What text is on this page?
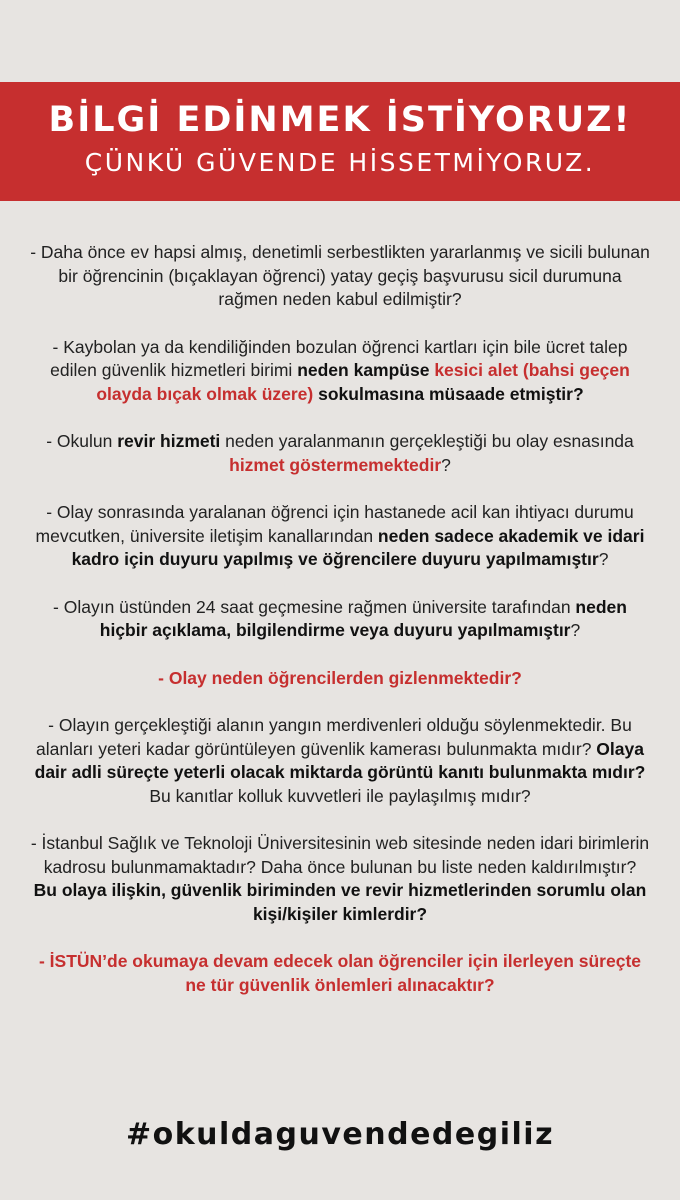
BİLGİ EDİNMEK İSTİYORUZ!
ÇÜNKÜ GÜVENDE HİSSETMİYORUZ.

- Daha önce ev hapsi almış, denetimli serbestlikten yararlanmış ve sicili bulunan bir öğrencinin (bıçaklayan öğrenci) yatay geçiş başvurusu sicil durumuna rağmen neden kabul edilmiştir?

- Kaybolan ya da kendiliğinden bozulan öğrenci kartları için bile ücret talep edilen güvenlik hizmetleri birimi neden kampüse kesici alet (bahsi geçen olayda bıçak olmak üzere) sokulmasına müsaade etmiştir?

- Okulun revir hizmeti neden yaralanmanın gerçekleştiği bu olay esnasında hizmet göstermemektedir?

- Olay sonrasında yaralanan öğrenci için hastanede acil kan ihtiyacı durumu mevcutken, üniversite iletişim kanallarından neden sadece akademik ve idari kadro için duyuru yapılmış ve öğrencilere duyuru yapılmamıştır?

- Olayın üstünden 24 saat geçmesine rağmen üniversite tarafından neden hiçbir açıklama, bilgilendirme veya duyuru yapılmamıştır?

- Olay neden öğrencilerden gizlenmektedir?

- Olayın gerçekleştiği alanın yangın merdivenleri olduğu söylenmektedir. Bu alanları yeteri kadar görüntüleyen güvenlik kamerası bulunmakta mıdır? Olaya dair adli süreçte yeterli olacak miktarda görüntü kanıtı bulunmakta mıdır? Bu kanıtlar kolluk kuvvetleri ile paylaşılmış mıdır?

- İstanbul Sağlık ve Teknoloji Üniversitesinin web sitesinde neden idari birimlerin kadrosu bulunmamaktadır? Daha önce bulunan bu liste neden kaldırılmıştır? Bu olaya ilişkin, güvenlik biriminden ve revir hizmetlerinden sorumlu olan kişi/kişiler kimlerdir?

- İSTÜN’de okumaya devam edecek olan öğrenciler için ilerleyen süreçte ne tür güvenlik önlemleri alınacaktır?

#okuldaguvendedegiliz
